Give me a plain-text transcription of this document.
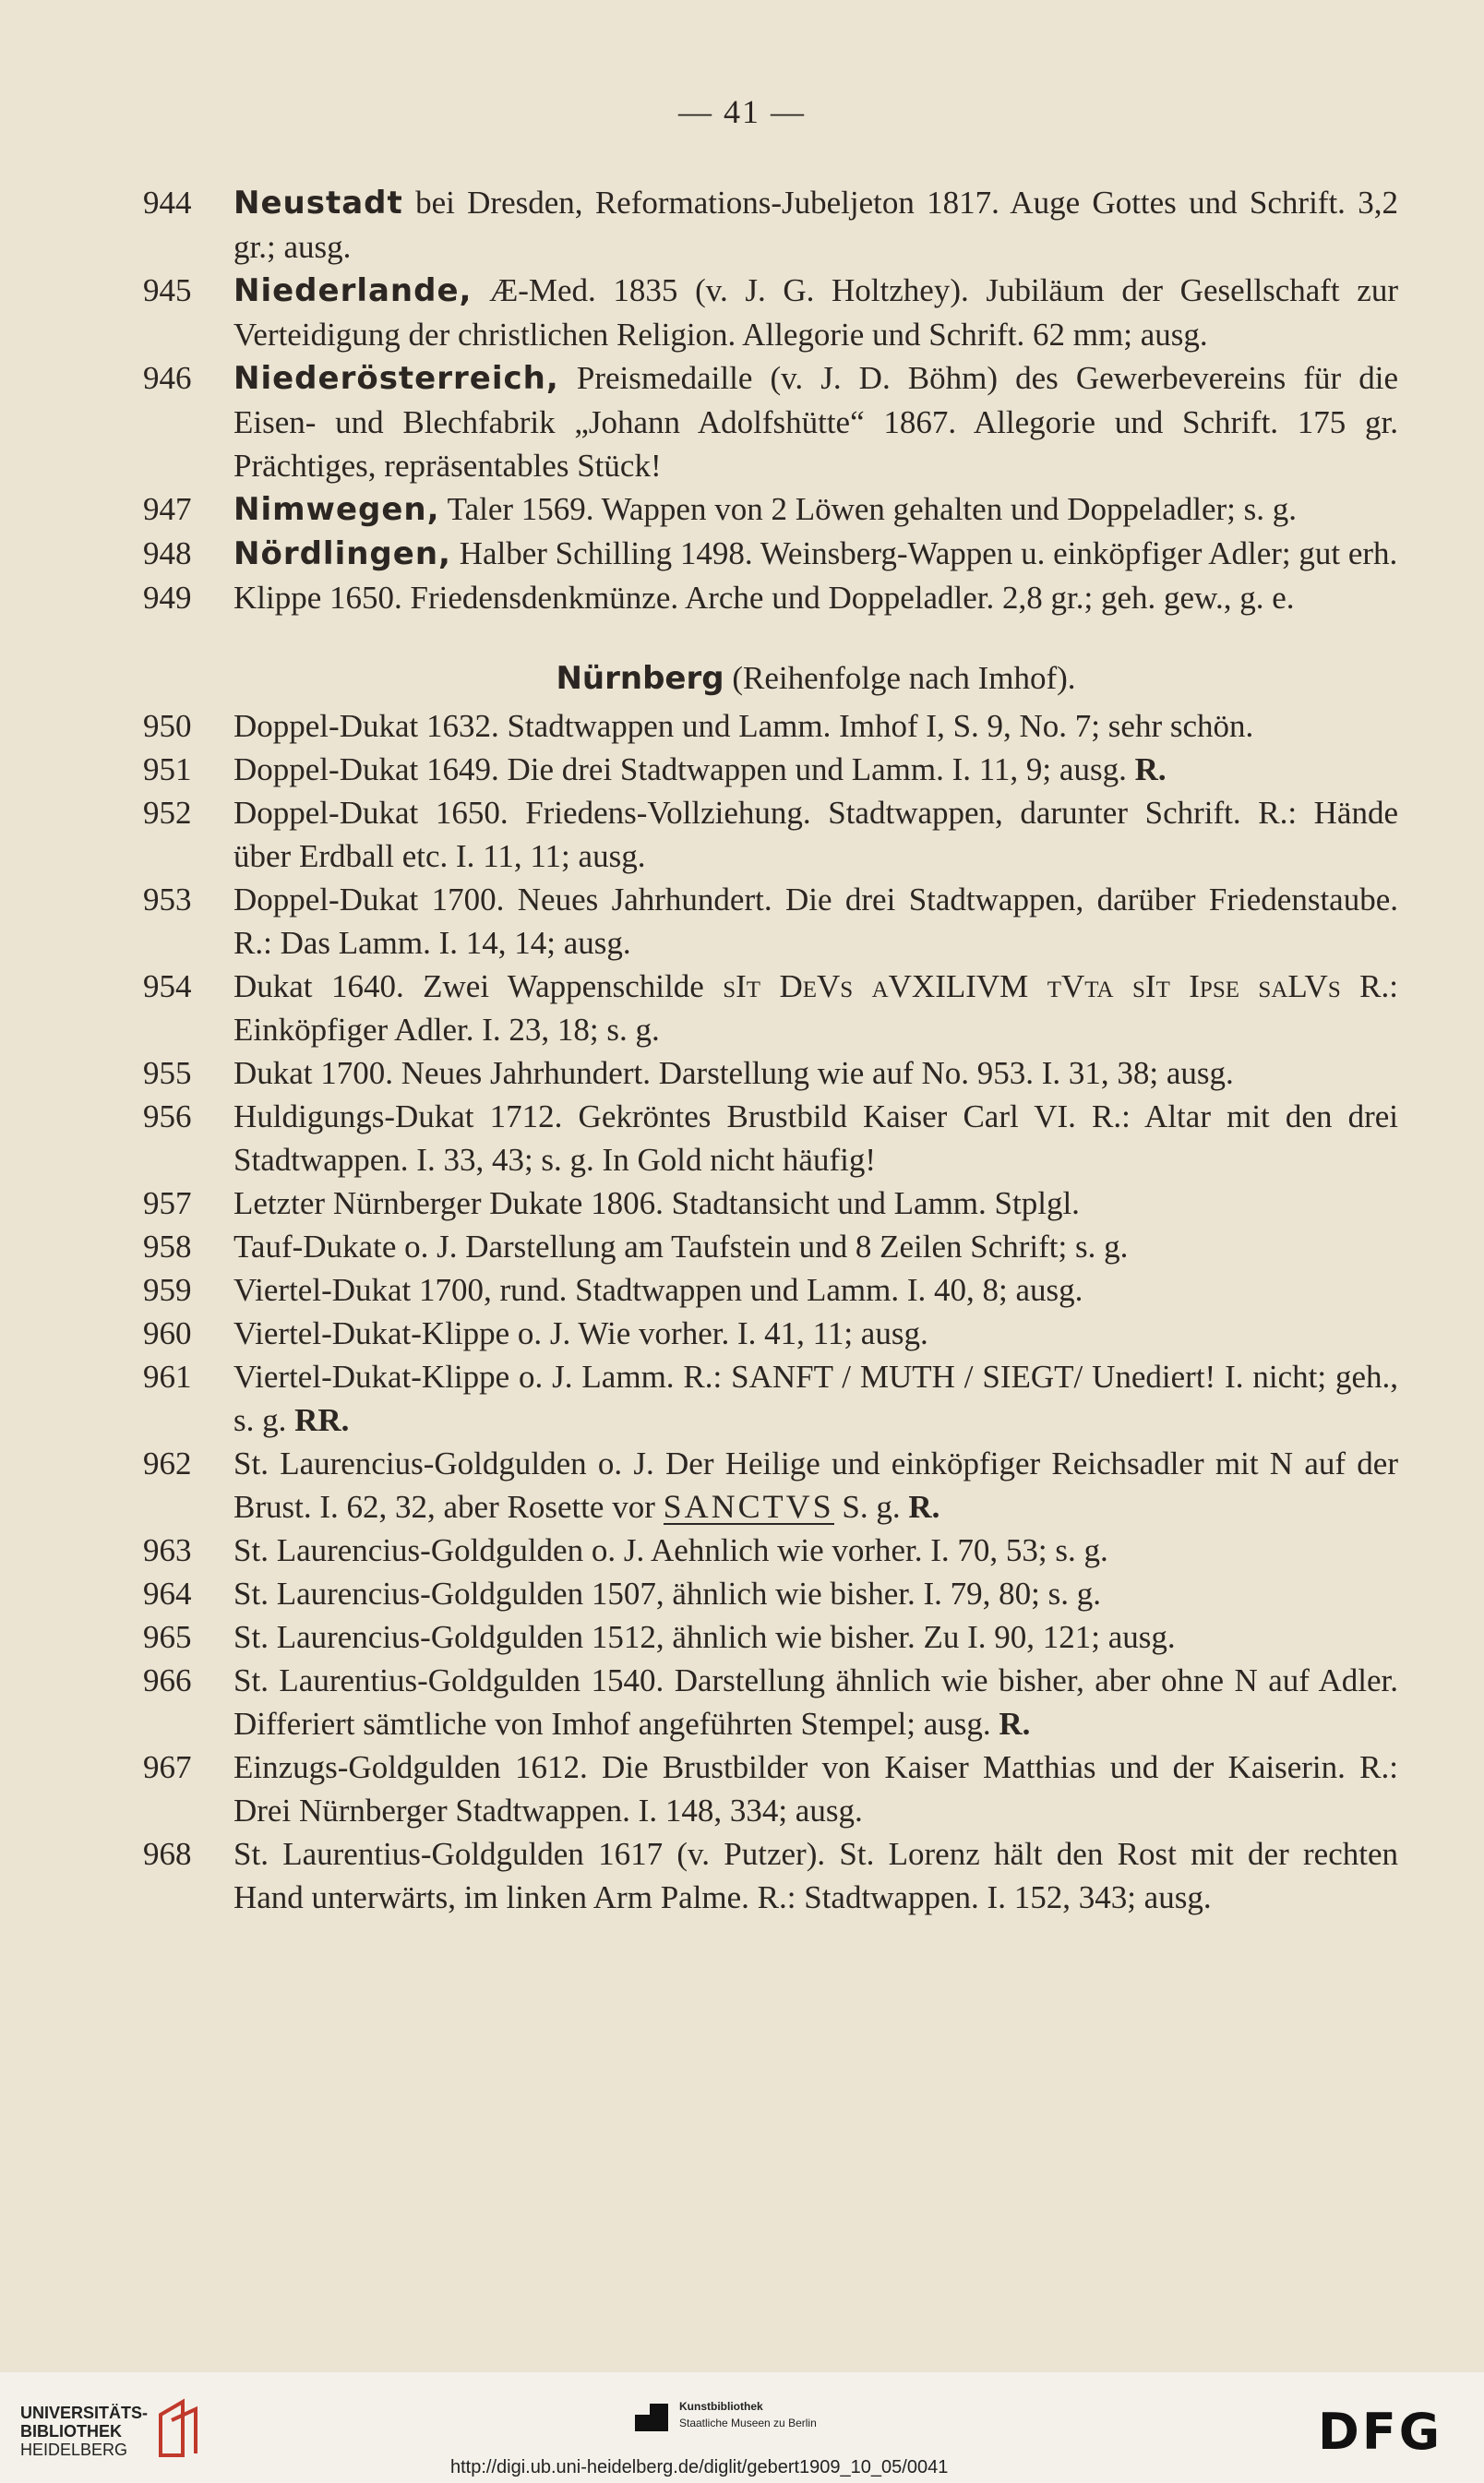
— 41 —
944	Neustadt bei Dresden, Reformations-Jubeljeton 1817. Auge Gottes und Schrift. 3,2 gr.; ausg.
945	Niederlande, Æ-Med. 1835 (v. J. G. Holtzhey). Jubiläum der Gesellschaft zur Verteidigung der christlichen Religion. Allegorie und Schrift. 62 mm; ausg.
946	Niederösterreich, Preismedaille (v. J. D. Böhm) des Gewerbevereins für die Eisen- und Blechfabrik „Johann Adolfshütte“ 1867. Allegorie und Schrift. 175 gr. Prächtiges, repräsentables Stück!
947	Nimwegen, Taler 1569. Wappen von 2 Löwen gehalten und Doppeladler; s. g.
948	Nördlingen, Halber Schilling 1498. Weinsberg-Wappen u. einköpfiger Adler; gut erh.
949	Klippe 1650. Friedensdenkmünze. Arche und Doppeladler. 2,8 gr.; geh. gew., g. e.
Nürnberg (Reihenfolge nach Imhof).
950	Doppel-Dukat 1632. Stadtwappen und Lamm. Imhof I, S. 9, No. 7; sehr schön.
951	Doppel-Dukat 1649. Die drei Stadtwappen und Lamm. I. 11, 9; ausg. R.
952	Doppel-Dukat 1650. Friedens-Vollziehung. Stadtwappen, darunter Schrift. R.: Hände über Erdball etc. I. 11, 11; ausg.
953	Doppel-Dukat 1700. Neues Jahrhundert. Die drei Stadtwappen, darüber Friedenstaube. R.: Das Lamm. I. 14, 14; ausg.
954	Dukat 1640. Zwei Wappenschilde sIt DeVs aVXILIVM tVta sIt Ipse saLVs R.: Einköpfiger Adler. I. 23, 18; s. g.
955	Dukat 1700. Neues Jahrhundert. Darstellung wie auf No. 953. I. 31, 38; ausg.
956	Huldigungs-Dukat 1712. Gekröntes Brustbild Kaiser Carl VI. R.: Altar mit den drei Stadtwappen. I. 33, 43; s. g. In Gold nicht häufig!
957	Letzter Nürnberger Dukate 1806. Stadtansicht und Lamm. Stplgl.
958	Tauf-Dukate o. J. Darstellung am Taufstein und 8 Zeilen Schrift; s. g.
959	Viertel-Dukat 1700, rund. Stadtwappen und Lamm. I. 40, 8; ausg.
960	Viertel-Dukat-Klippe o. J. Wie vorher. I. 41, 11; ausg.
961	Viertel-Dukat-Klippe o. J. Lamm. R.: SANFT / MUTH / SIEGT/ Unediert! I. nicht; geh., s. g. RR.
962	St. Laurencius-Goldgulden o. J. Der Heilige und einköpfiger Reichsadler mit N auf der Brust. I. 62, 32, aber Rosette vor SANCTVS S. g. R.
963	St. Laurencius-Goldgulden o. J. Aehnlich wie vorher. I. 70, 53; s. g.
964	St. Laurencius-Goldgulden 1507, ähnlich wie bisher. I. 79, 80; s. g.
965	St. Laurencius-Goldgulden 1512, ähnlich wie bisher. Zu I. 90, 121; ausg.
966	St. Laurentius-Goldgulden 1540. Darstellung ähnlich wie bisher, aber ohne N auf Adler. Differiert sämtliche von Imhof angeführten Stempel; ausg. R.
967	Einzugs-Goldgulden 1612. Die Brustbilder von Kaiser Matthias und der Kaiserin. R.: Drei Nürnberger Stadtwappen. I. 148, 334; ausg.
968	St. Laurentius-Goldgulden 1617 (v. Putzer). St. Lorenz hält den Rost mit der rechten Hand unterwärts, im linken Arm Palme. R.: Stadtwappen. I. 152, 343; ausg.
UNIVERSITÄTS-
BIBLIOTHEK
HEIDELBERG
Kunstbibliothek
Staatliche Museen zu Berlin	DFG
http://digi.ub.uni-heidelberg.de/diglit/gebert1909_10_05/0041
